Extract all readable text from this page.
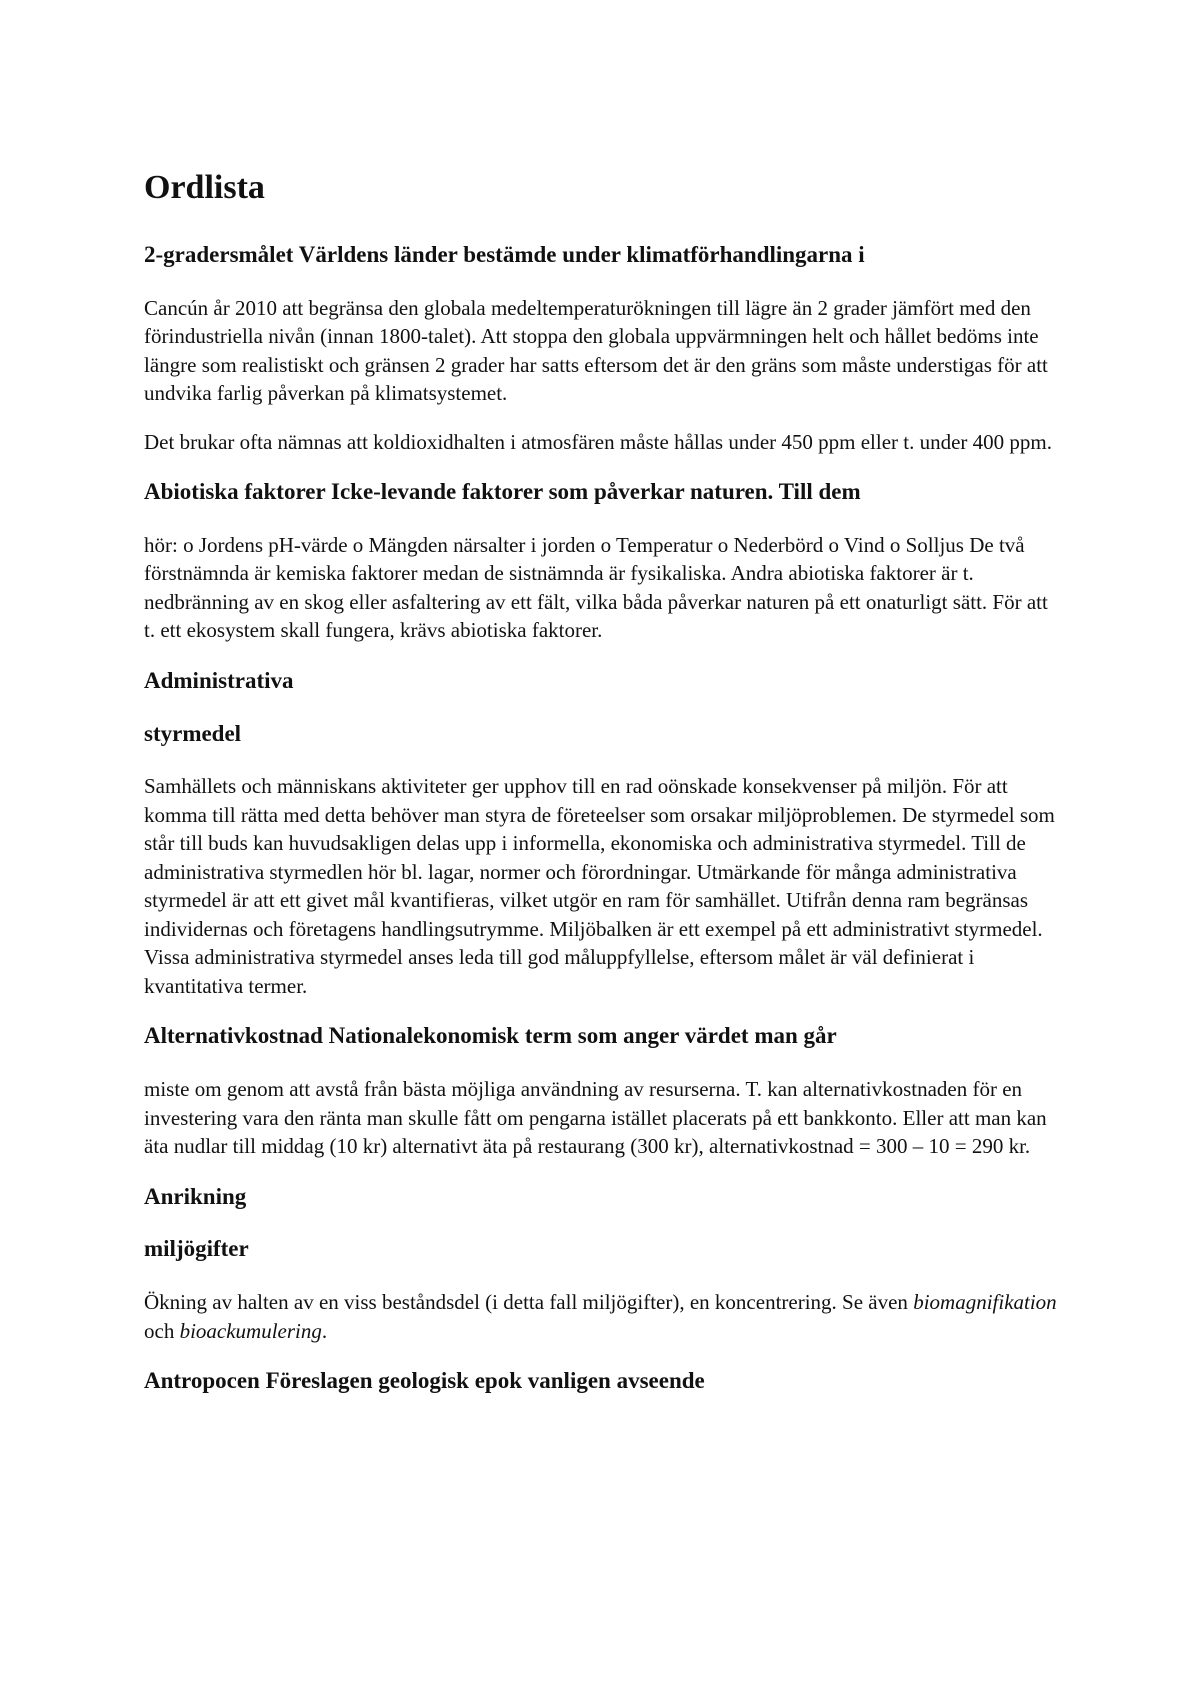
Ordlista
2-gradersmålet Världens länder bestämde under klimatförhandlingarna i

Cancún år 2010 att begränsa den globala medeltemperaturökningen till lägre än 2 grader jämfört med den förindustriella nivån (innan 1800-talet). Att stoppa den globala uppvärmningen helt och hållet bedöms inte längre som realistiskt och gränsen 2 grader har satts eftersom det är den gräns som måste understigas för att undvika farlig påverkan på klimatsystemet.

Det brukar ofta nämnas att koldioxidhalten i atmosfären måste hållas under 450 ppm eller t. under 400 ppm.

Abiotiska faktorer Icke-levande faktorer som påverkar naturen. Till dem

hör: o Jordens pH-värde o Mängden närsalter i jorden o Temperatur o Nederbörd o Vind o Solljus De två förstnämnda är kemiska faktorer medan de sistnämnda är fysikaliska. Andra abiotiska faktorer är t. nedbränning av en skog eller asfaltering av ett fält, vilka båda påverkar naturen på ett onaturligt sätt. För att t. ett ekosystem skall fungera, krävs abiotiska faktorer.

Administrativa
styrmedel

Samhällets och människans aktiviteter ger upphov till en rad oönskade konsekvenser på miljön. För att komma till rätta med detta behöver man styra de företeelser som orsakar miljöproblemen. De styrmedel som står till buds kan huvudsakligen delas upp i informella, ekonomiska och administrativa styrmedel. Till de administrativa styrmedlen hör bl. lagar, normer och förordningar. Utmärkande för många administrativa styrmedel är att ett givet mål kvantifieras, vilket utgör en ram för samhället. Utifrån denna ram begränsas individernas och företagens handlingsutrymme. Miljöbalken är ett exempel på ett administrativt styrmedel. Vissa administrativa styrmedel anses leda till god måluppfyllelse, eftersom målet är väl definierat i kvantitativa termer.

Alternativkostnad Nationalekonomisk term som anger värdet man går

miste om genom att avstå från bästa möjliga användning av resurserna. T. kan alternativkostnaden för en investering vara den ränta man skulle fått om pengarna istället placerats på ett bankkonto. Eller att man kan äta nudlar till middag (10 kr) alternativt äta på restaurang (300 kr), alternativkostnad = 300 – 10 = 290 kr.

Anrikning
miljögifter

Ökning av halten av en viss beståndsdel (i detta fall miljögifter), en koncentrering. Se även biomagnifikation och bioackumulering.

Antropocen Föreslagen geologisk epok vanligen avseende
